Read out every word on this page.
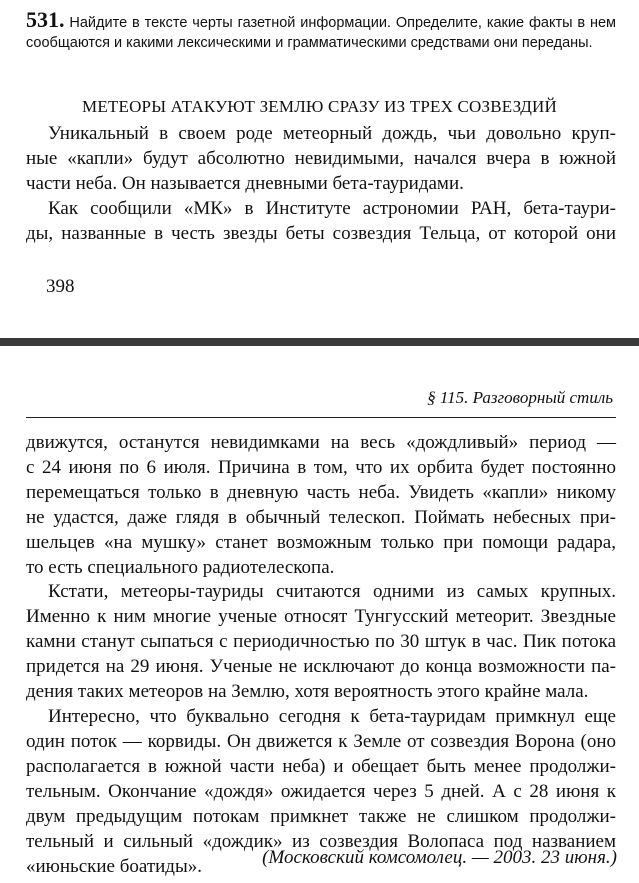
531. Найдите в тексте черты газетной информации. Определите, какие факты в нем сообщаются и какими лексическими и грамматическими средствами они переданы.
МЕТЕОРЫ АТАКУЮТ ЗЕМЛЮ СРАЗУ ИЗ ТРЕХ СОЗВЕЗДИЙ

Уникальный в своем роде метеорный дождь, чьи довольно круп-
ные «капли» будут абсолютно невидимыми, начался вчера в южной
части неба. Он называется дневными бета-тауридами.

Как сообщили «МК» в Институте астрономии РАН, бета-таури-
ды, названные в честь звезды беты созвездия Тельца, от которой они

398
§ 115. Разговорный стиль

движутся, останутся невидимками на весь «дождливый» период —
с 24 июня по 6 июля. Причина в том, что их орбита будет постоянно
перемещаться только в дневную часть неба. Увидеть «капли» никому
не удастся, даже глядя в обычный телескоп. Поймать небесных при-
шельцев «на мушку» станет возможным только при помощи радара,
то есть специального радиотелескопа.

Кстати, метеоры-тауриды считаются одними из самых крупных.
Именно к ним многие ученые относят Тунгусский метеорит. Звездные
камни станут сыпаться с периодичностью по 30 штук в час. Пик потока
придется на 29 июня. Ученые не исключают до конца возможности па-
дения таких метеоров на Землю, хотя вероятность этого крайне мала.

Интересно, что буквально сегодня к бета-тауридам примкнул еще
один поток — корвиды. Он движется к Земле от созвездия Ворона (оно
располагается в южной части неба) и обещает быть менее продолжи-
тельным. Окончание «дождя» ожидается через 5 дней. А с 28 июня к
двум предыдущим потокам примкнет также не слишком продолжи-
тельный и сильный «дождик» из созвездия Волопаса под названием
«июньские боатиды».	(Московский комсомолец. — 2003. 23 июня.)
